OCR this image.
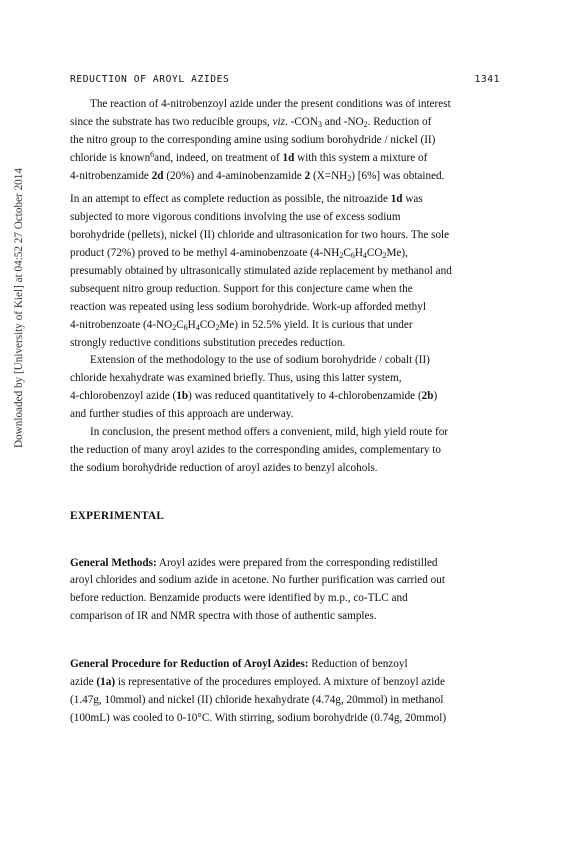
REDUCTION OF AROYL AZIDES	1341
Downloaded by [University of Kiel] at 04:52 27 October 2014
The reaction of 4-nitrobenzoyl azide under the present conditions was of interest
since the substrate has two reducible groups, viz. $-CON_3$ and $-NO_2$. Reduction of
the nitro group to the corresponding amine using sodium borohydride / nickel (II)
chloride is known$^6$and, indeed, on treatment of 1d with this system a mixture of
4-nitrobenzamide 2d (20%) and 4-aminobenzamide 2 $(X=NH_2)$ [6%] was obtained.
In an attempt to effect as complete reduction as possible, the nitroazide 1d was
subjected to more vigorous conditions involving the use of excess sodium
borohydride (pellets), nickel (II) chloride and ultrasonication for two hours. The sole
product (72%) proved to be methyl 4-aminobenzoate $(4-NH_2C_6H_4CO_2Me)$,
presumably obtained by ultrasonically stimulated azide replacement by methanol and
subsequent nitro group reduction. Support for this conjecture came when the
reaction was repeated using less sodium borohydride. Work-up afforded methyl
4-nitrobenzoate $(4-NO_2C_6H_4CO_2Me)$ in 52.5% yield. It is curious that under
strongly reductive conditions substitution precedes reduction.
Extension of the methodology to the use of sodium borohydride / cobalt (II)
chloride hexahydrate was examined briefly. Thus, using this latter system,
4-chlorobenzoyl azide (1b) was reduced quantitatively to 4-chlorobenzamide (2b)
and further studies of this approach are underway.
In conclusion, the present method offers a convenient, mild, high yield route for
the reduction of many aroyl azides to the corresponding amides, complementary to
the sodium borohydride reduction of aroyl azides to benzyl alcohols.
EXPERIMENTAL
General Methods: Aroyl azides were prepared from the corresponding redistilled
aroyl chlorides and sodium azide in acetone. No further purification was carried out
before reduction. Benzamide products were identified by m.p., co-TLC and
comparison of IR and NMR spectra with those of authentic samples.
General Procedure for Reduction of Aroyl Azides: Reduction of benzoyl
azide (1a) is representative of the procedures employed. A mixture of benzoyl azide
(1.47g, 10mmol) and nickel (II) chloride hexahydrate (4.74g, 20mmol) in methanol
(100mL) was cooled to 0-10°C. With stirring, sodium borohydride (0.74g, 20mmol)
